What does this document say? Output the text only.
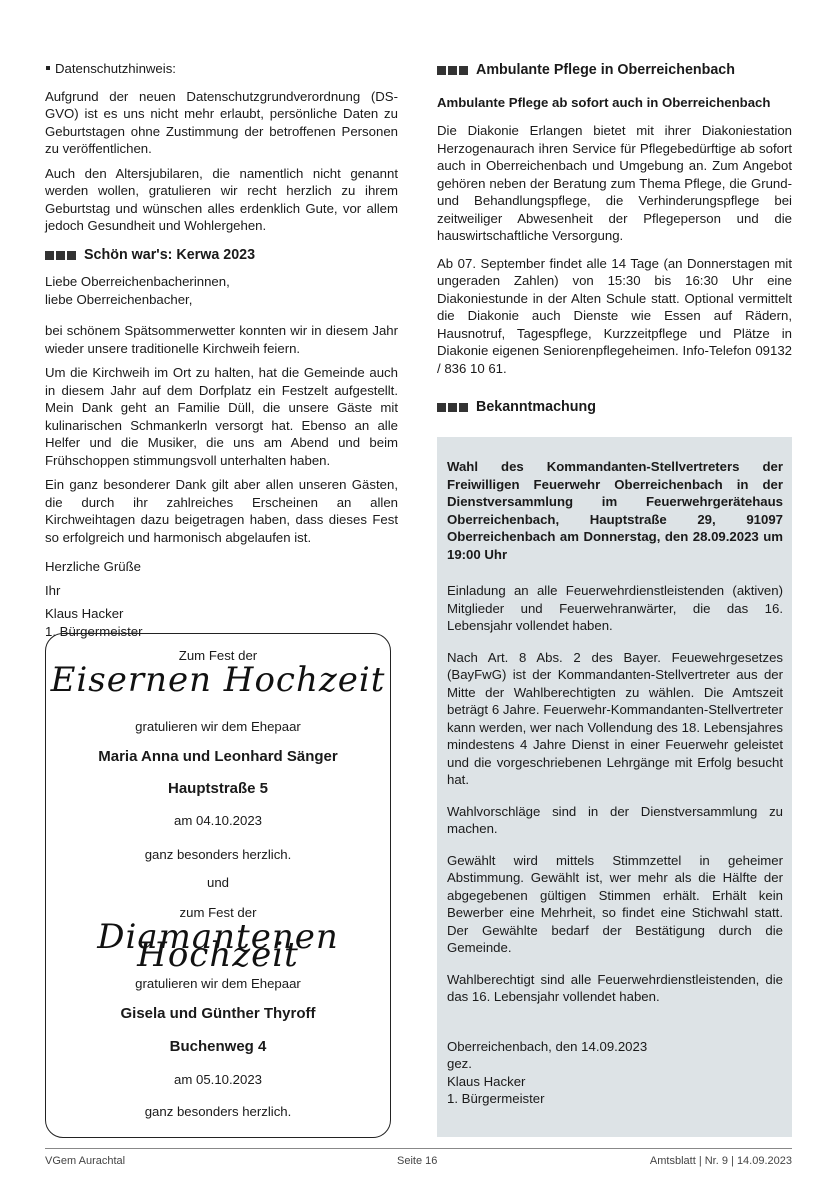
Datenschutzhinweis:

Aufgrund der neuen Datenschutzgrundverordnung (DS-GVO) ist es uns nicht mehr erlaubt, persönliche Daten zu Geburtstagen ohne Zustimmung der betroffenen Personen zu veröffentlichen.

Auch den Altersjubilaren, die namentlich nicht genannt werden wollen, gratulieren wir recht herzlich zu ihrem Geburtstag und wünschen alles erdenklich Gute, vor allem jedoch Gesundheit und Wohlergehen.

Schön war's: Kerwa 2023
Liebe Oberreichenbacherinnen,
liebe Oberreichenbacher,

bei schönem Spätsommerwetter konnten wir in diesem Jahr wieder unsere traditionelle Kirchweih feiern.

Um die Kirchweih im Ort zu halten, hat die Gemeinde auch in diesem Jahr auf dem Dorfplatz ein Festzelt aufgestellt. Mein Dank geht an Familie Düll, die unsere Gäste mit kulinarischen Schmankerln versorgt hat. Ebenso an alle Helfer und die Musiker, die uns am Abend und beim Frühschoppen stimmungsvoll unterhalten haben.

Ein ganz besonderer Dank gilt aber allen unseren Gästen, die durch ihr zahlreiches Erscheinen an allen Kirchweihtagen dazu beigetragen haben, dass dieses Fest so erfolgreich und harmonisch abgelaufen ist.

Herzliche Grüße
Ihr
Klaus Hacker
1. Bürgermeister
Zum Fest der
Eisernen Hochzeit
gratulieren wir dem Ehepaar
Maria Anna und Leonhard Sänger
Hauptstraße 5
am 04.10.2023
ganz besonders herzlich.
und
zum Fest der
Diamantenen Hochzeit
gratulieren wir dem Ehepaar
Gisela und Günther Thyroff
Buchenweg 4
am 05.10.2023
ganz besonders herzlich.
Ambulante Pflege in Oberreichenbach
Ambulante Pflege ab sofort auch in Oberreichenbach

Die Diakonie Erlangen bietet mit ihrer Diakoniestation Herzogenaurach ihren Service für Pflegebedürftige ab sofort auch in Oberreichenbach und Umgebung an. Zum Angebot gehören neben der Beratung zum Thema Pflege, die Grund- und Behandlungspflege, die Verhinderungspflege bei zeitweiliger Abwesenheit der Pflegeperson und die hauswirtschaftliche Versorgung.

Ab 07. September findet alle 14 Tage (an Donnerstagen mit ungeraden Zahlen) von 15:30 bis 16:30 Uhr eine Diakoniestunde in der Alten Schule statt. Optional vermittelt die Diakonie auch Dienste wie Essen auf Rädern, Hausnotruf, Tagespflege, Kurzzeitpflege und Plätze in Diakonie eigenen Seniorenpflegeheimen. Info-Telefon 09132 / 836 10 61.

Bekanntmachung

Wahl des Kommandanten-Stellvertreters der Freiwilligen Feuerwehr Oberreichenbach in der Dienstversammlung im Feuerwehrgerätehaus Oberreichenbach, Hauptstraße 29, 91097 Oberreichenbach am Donnerstag, den 28.09.2023 um 19:00 Uhr

Einladung an alle Feuerwehrdienstleistenden (aktiven) Mitglieder und Feuerwehranwärter, die das 16. Lebensjahr vollendet haben.

Nach Art. 8 Abs. 2 des Bayer. Feuewehrgesetzes (BayFwG) ist der Kommandanten-Stellvertreter aus der Mitte der Wahlberechtigten zu wählen. Die Amtszeit beträgt 6 Jahre. Feuerwehr-Kommandanten-Stellvertreter kann werden, wer nach Vollendung des 18. Lebensjahres mindestens 4 Jahre Dienst in einer Feuerwehr geleistet und die vorgeschriebenen Lehrgänge mit Erfolg besucht hat.

Wahlvorschläge sind in der Dienstversammlung zu machen.

Gewählt wird mittels Stimmzettel in geheimer Abstimmung. Gewählt ist, wer mehr als die Hälfte der abgegebenen gültigen Stimmen erhält. Erhält kein Bewerber eine Mehrheit, so findet eine Stichwahl statt. Der Gewählte bedarf der Bestätigung durch die Gemeinde.

Wahlberechtigt sind alle Feuerwehrdienstleistenden, die das 16. Lebensjahr vollendet haben.

Oberreichenbach, den 14.09.2023
gez.
Klaus Hacker
1. Bürgermeister
VGem Aurachtal	Seite 16	Amtsblatt | Nr. 9 | 14.09.2023
